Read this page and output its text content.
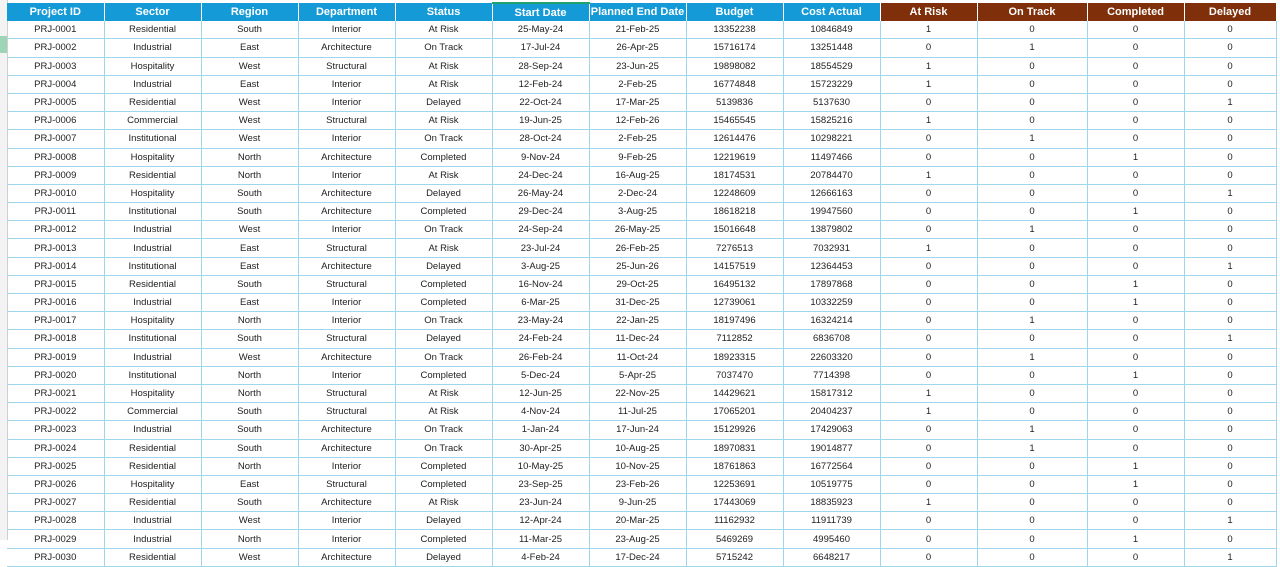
Project ID	Sector	Region	Department	Status	Start Date	Planned End Date	Budget	Cost Actual	At Risk	On Track	Completed	Delayed
PRJ-0001	Residential	South	Interior	At Risk	25-May-24	21-Feb-25	13352238	10846849	1	0	0	0
PRJ-0002	Industrial	East	Architecture	On Track	17-Jul-24	26-Apr-25	15716174	13251448	0	1	0	0
PRJ-0003	Hospitality	West	Structural	At Risk	28-Sep-24	23-Jun-25	19898082	18554529	1	0	0	0
PRJ-0004	Industrial	East	Interior	At Risk	12-Feb-24	2-Feb-25	16774848	15723229	1	0	0	0
PRJ-0005	Residential	West	Interior	Delayed	22-Oct-24	17-Mar-25	5139836	5137630	0	0	0	1
PRJ-0006	Commercial	West	Structural	At Risk	19-Jun-25	12-Feb-26	15465545	15825216	1	0	0	0
PRJ-0007	Institutional	West	Interior	On Track	28-Oct-24	2-Feb-25	12614476	10298221	0	1	0	0
PRJ-0008	Hospitality	North	Architecture	Completed	9-Nov-24	9-Feb-25	12219619	11497466	0	0	1	0
PRJ-0009	Residential	North	Interior	At Risk	24-Dec-24	16-Aug-25	18174531	20784470	1	0	0	0
PRJ-0010	Hospitality	South	Architecture	Delayed	26-May-24	2-Dec-24	12248609	12666163	0	0	0	1
PRJ-0011	Institutional	South	Architecture	Completed	29-Dec-24	3-Aug-25	18618218	19947560	0	0	1	0
PRJ-0012	Industrial	West	Interior	On Track	24-Sep-24	26-May-25	15016648	13879802	0	1	0	0
PRJ-0013	Industrial	East	Structural	At Risk	23-Jul-24	26-Feb-25	7276513	7032931	1	0	0	0
PRJ-0014	Institutional	East	Architecture	Delayed	3-Aug-25	25-Jun-26	14157519	12364453	0	0	0	1
PRJ-0015	Residential	South	Structural	Completed	16-Nov-24	29-Oct-25	16495132	17897868	0	0	1	0
PRJ-0016	Industrial	East	Interior	Completed	6-Mar-25	31-Dec-25	12739061	10332259	0	0	1	0
PRJ-0017	Hospitality	North	Interior	On Track	23-May-24	22-Jan-25	18197496	16324214	0	1	0	0
PRJ-0018	Institutional	South	Structural	Delayed	24-Feb-24	11-Dec-24	7112852	6836708	0	0	0	1
PRJ-0019	Industrial	West	Architecture	On Track	26-Feb-24	11-Oct-24	18923315	22603320	0	1	0	0
PRJ-0020	Institutional	North	Interior	Completed	5-Dec-24	5-Apr-25	7037470	7714398	0	0	1	0
PRJ-0021	Hospitality	North	Structural	At Risk	12-Jun-25	22-Nov-25	14429621	15817312	1	0	0	0
PRJ-0022	Commercial	South	Structural	At Risk	4-Nov-24	11-Jul-25	17065201	20404237	1	0	0	0
PRJ-0023	Industrial	South	Architecture	On Track	1-Jan-24	17-Jun-24	15129926	17429063	0	1	0	0
PRJ-0024	Residential	South	Architecture	On Track	30-Apr-25	10-Aug-25	18970831	19014877	0	1	0	0
PRJ-0025	Residential	North	Interior	Completed	10-May-25	10-Nov-25	18761863	16772564	0	0	1	0
PRJ-0026	Hospitality	East	Structural	Completed	23-Sep-25	23-Feb-26	12253691	10519775	0	0	1	0
PRJ-0027	Residential	South	Architecture	At Risk	23-Jun-24	9-Jun-25	17443069	18835923	1	0	0	0
PRJ-0028	Industrial	West	Interior	Delayed	12-Apr-24	20-Mar-25	11162932	11911739	0	0	0	1
PRJ-0029	Industrial	North	Interior	Completed	11-Mar-25	23-Aug-25	5469269	4995460	0	0	1	0
PRJ-0030	Residential	West	Architecture	Delayed	4-Feb-24	17-Dec-24	5715242	6648217	0	0	0	1
